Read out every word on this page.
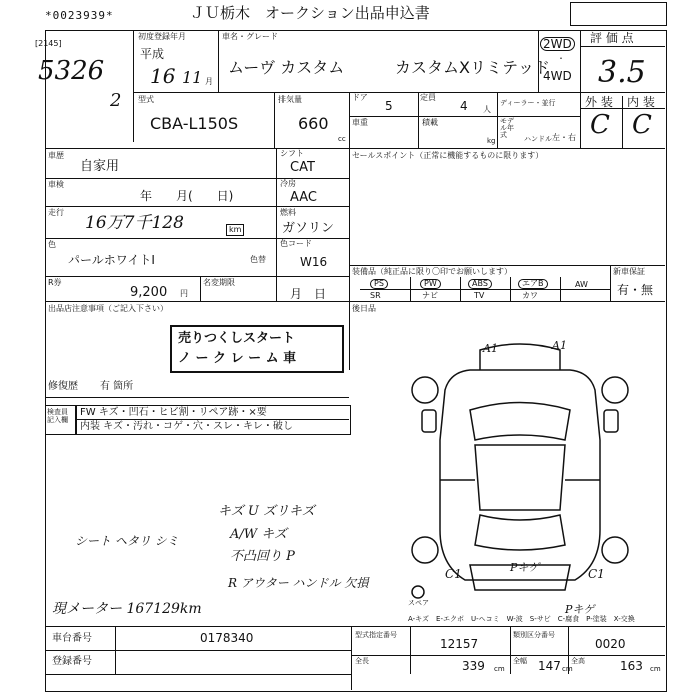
*0023939*	ＪＵ栃木　オークション出品申込書
[2145]
5326
2
初度登録年月
平成
16 11 月
車名・グレード
ムーヴ カスタム	カスタムXリミテッド
2WD
・
4WD
評 価 点
3.5
外 装 内 装
C C
型式
CBA-L150S
排気量
660
cc
ドア
5
定員
4 人
ディーラー・並行
車重	積載
kg
モデル年式	ハンドル 左・右
車歴
自家用
シフト
CAT
車検
年　　月(　　日)
冷房
AAC
走行
16万7千128	km
燃料
ガソリン
色
パールホワイトⅠ	色替
色コード
W16
R券
9,200 円
名変期限
月　日
セールスポイント（正常に機能するものに限ります）
装備品（純正品に限り〇印でお願いします）	新車保証
有・無
PS	PW	ABS	エアB	AW
SR	ナビ	TV	カワ
後日品
出品店注意事項（ご記入下さい）
売りつくしスタート
ノ ー ク レ ー ム 車
修復歴 有 箇所
検査員記入欄
FW キズ・凹石・ヒビ割・リペア跡・×要
内装 キズ・汚れ・コゲ・穴・スレ・キレ・破し
キズ U ズリキズ
A/W キズ
不凸回り P
R アウター ハンドル 欠損
シート ヘタリ シミ
現メーター 167129km
A1	A1
C1	C1
Pキゲ
Pキゲ
スペア
A-キズ　E-エクボ　U-ヘコミ　W-波　S-サビ　C-腐食　P-塗装　X-交換
車台番号	0178340
登録番号
型式指定番号
12157
類別区分番号
0020
全長	339 cm
全幅 147 cm
全高	163 cm
